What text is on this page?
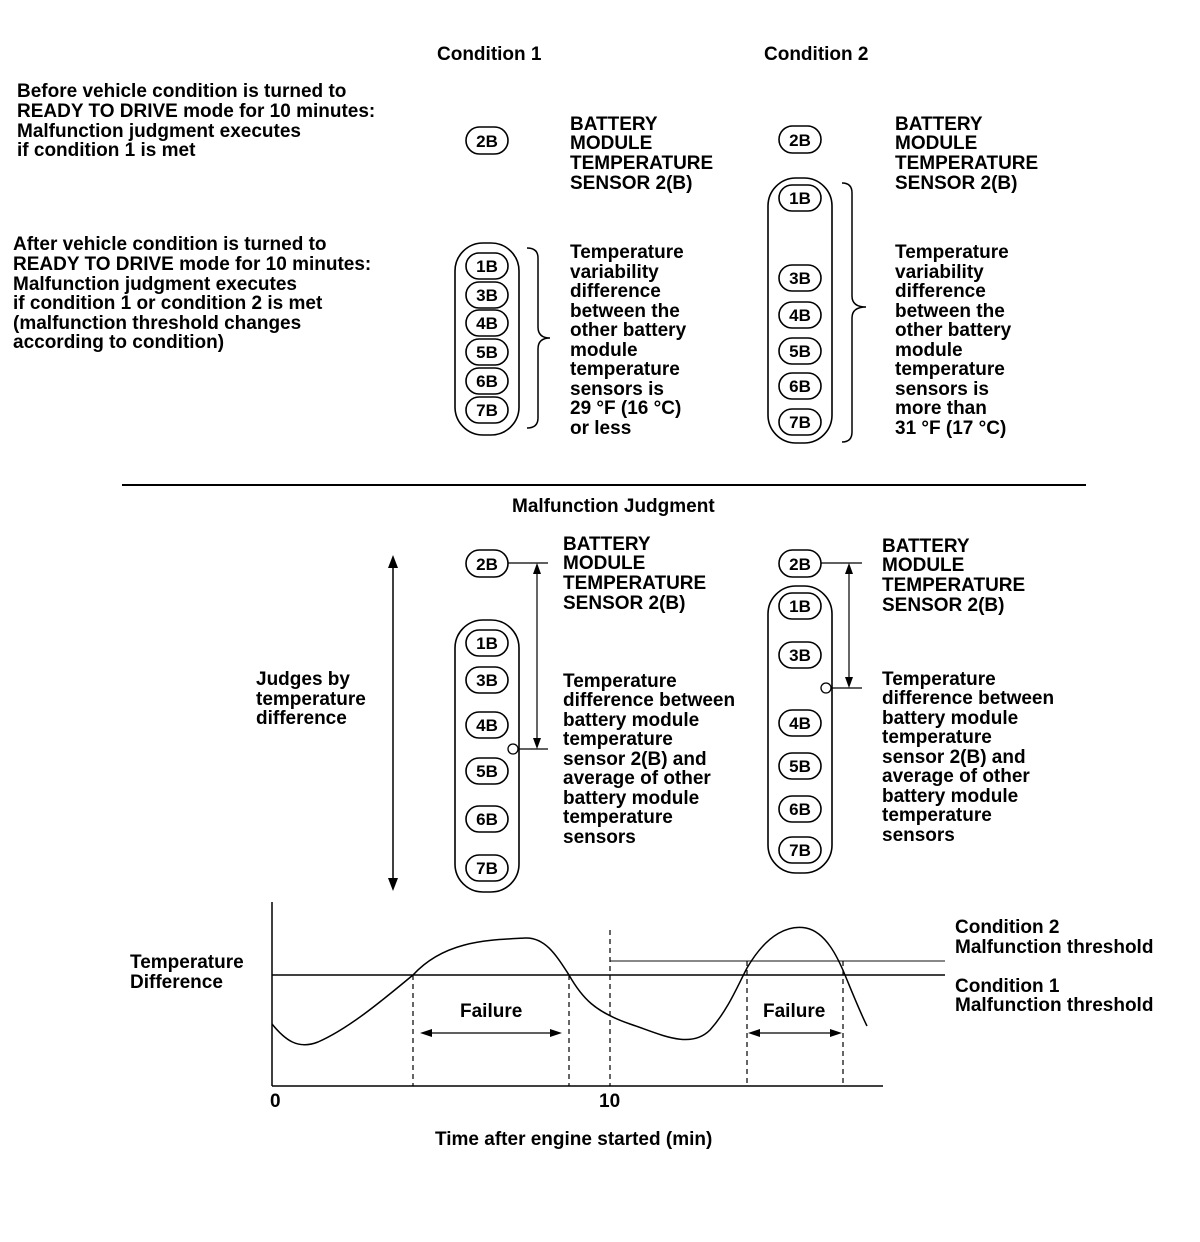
Condition 1	Condition 2
Before vehicle condition is turned to
READY TO DRIVE mode for 10 minutes:
Malfunction judgment executes
if condition 1 is met
After vehicle condition is turned to
READY TO DRIVE mode for 10 minutes:
Malfunction judgment executes
if condition 1 or condition 2 is met
(malfunction threshold changes
according to condition)
2B
BATTERY
MODULE
TEMPERATURE
SENSOR 2(B)
1B
3B
4B
5B
6B
7B
Temperature
variability
difference
between the
other battery
module
temperature
sensors is
29 °F (16 °C)
or less
2B
BATTERY
MODULE
TEMPERATURE
SENSOR 2(B)
1B
3B
4B
5B
6B
7B
Temperature
variability
difference
between the
other battery
module
temperature
sensors is
more than
31 °F (17 °C)
Malfunction Judgment
Judges by
temperature
difference
2B
BATTERY
MODULE
TEMPERATURE
SENSOR 2(B)
1B
3B
4B
5B
6B
7B
Temperature
difference between
battery module
temperature
sensor 2(B) and
average of other
battery module
temperature
sensors
2B
BATTERY
MODULE
TEMPERATURE
SENSOR 2(B)
1B
3B
4B
5B
6B
7B
Temperature
difference between
battery module
temperature
sensor 2(B) and
average of other
battery module
temperature
sensors
Temperature Difference
Time after engine started (min)
0	10
Failure	Failure
Condition 2
Malfunction threshold
Condition 1
Malfunction threshold
